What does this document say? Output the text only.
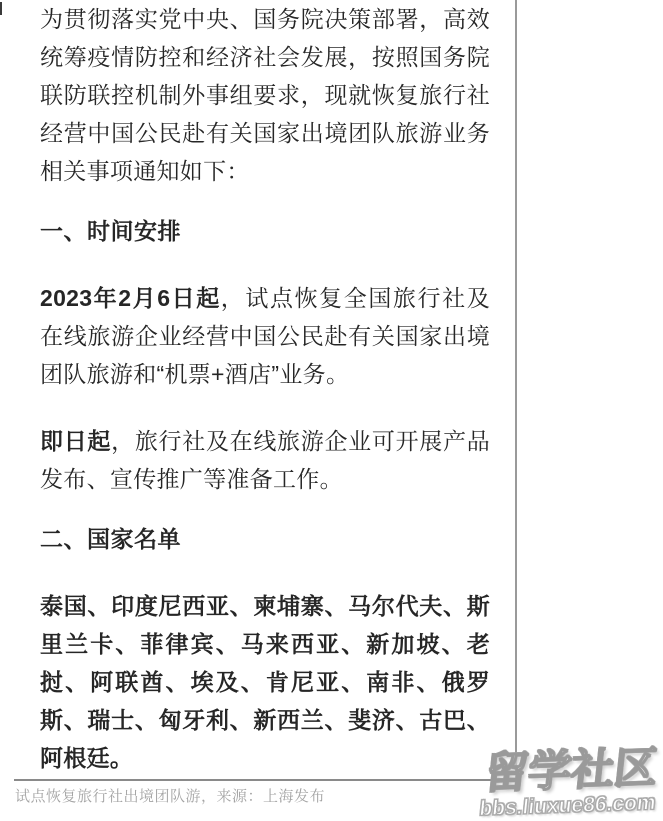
为贯彻落实党中央、国务院决策部署，高效统筹疫情防控和经济社会发展，按照国务院联防联控机制外事组要求，现就恢复旅行社经营中国公民赴有关国家出境团队旅游业务相关事项通知如下：

一、时间安排

2023年2月6日起，试点恢复全国旅行社及在线旅游企业经营中国公民赴有关国家出境团队旅游和“机票+酒店”业务。

即日起，旅行社及在线旅游企业可开展产品发布、宣传推广等准备工作。

二、国家名单

泰国、印度尼西亚、柬埔寨、马尔代夫、斯里兰卡、菲律宾、马来西亚、新加坡、老挝、阿联酋、埃及、肯尼亚、南非、俄罗斯、瑞士、匈牙利、新西兰、斐济、古巴、阿根廷。

试点恢复旅行社出境团队游，来源：上海发布	留学社区
bbs.liuxue86.com
